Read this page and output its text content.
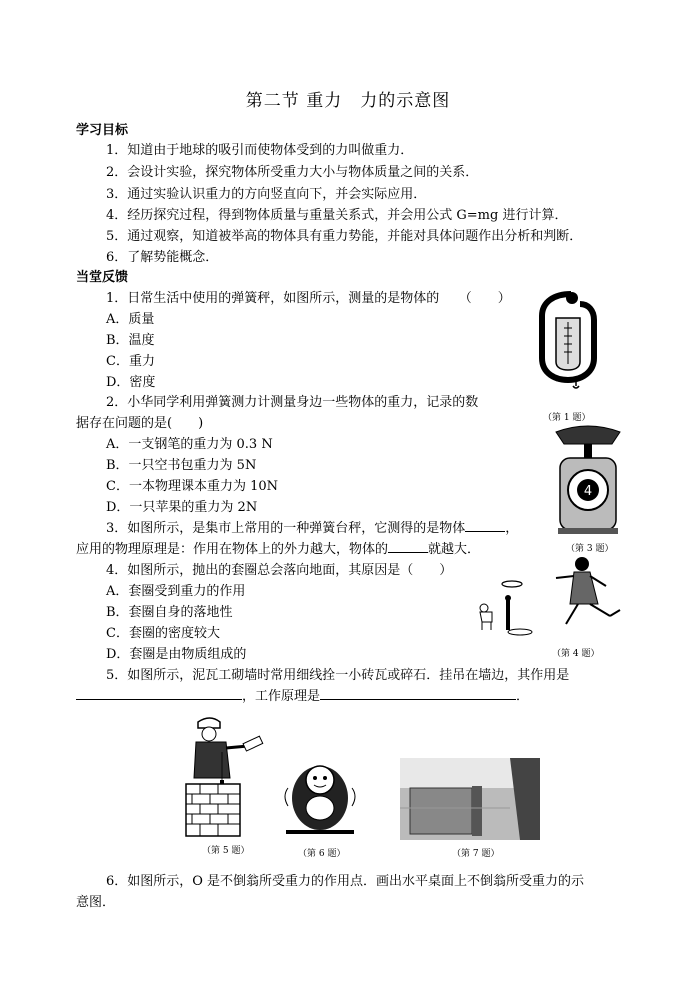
第二节 重力　力的示意图
学习目标
1．知道由于地球的吸引而使物体受到的力叫做重力．
2．会设计实验，探究物体所受重力大小与物体质量之间的关系．
3．通过实验认识重力的方向竖直向下，并会实际应用．
4．经历探究过程，得到物体质量与重量关系式，并会用公式 G=mg 进行计算．
5．通过观察，知道被举高的物体具有重力势能，并能对具体问题作出分析和判断．
6．了解势能概念．
当堂反馈
1．日常生活中使用的弹簧秤，如图所示，测量的是物体的　　（　　）
A．质量
B．温度
C．重力
D．密度
（第 1 题）
2．小华同学利用弹簧测力计测量身边一些物体的重力，记录的数
据存在问题的是(　　)
A．一支钢笔的重力为 0.3 N
B．一只空书包重力为 5N
C．一本物理课本重力为 10N
D．一只苹果的重力为 2N
4
（第 3 题）
3．如图所示，是集市上常用的一种弹簧台秤，它测得的是物体	，
应用的物理原理是：作用在物体上的外力越大，物体的	就越大．
4．如图所示，抛出的套圈总会落向地面，其原因是（　　）
A．套圈受到重力的作用
B．套圈自身的落地性
C．套圈的密度较大
D．套圈是由物质组成的	（第 4 题）
5．如图所示，泥瓦工砌墙时常用细线拴一小砖瓦或碎石．挂吊在墙边，其作用是
，工作原理是	．
（第 5 题）	（第 6 题）	（第 7 题）
6．如图所示，O 是不倒翁所受重力的作用点．画出水平桌面上不倒翁所受重力的示
意图．
